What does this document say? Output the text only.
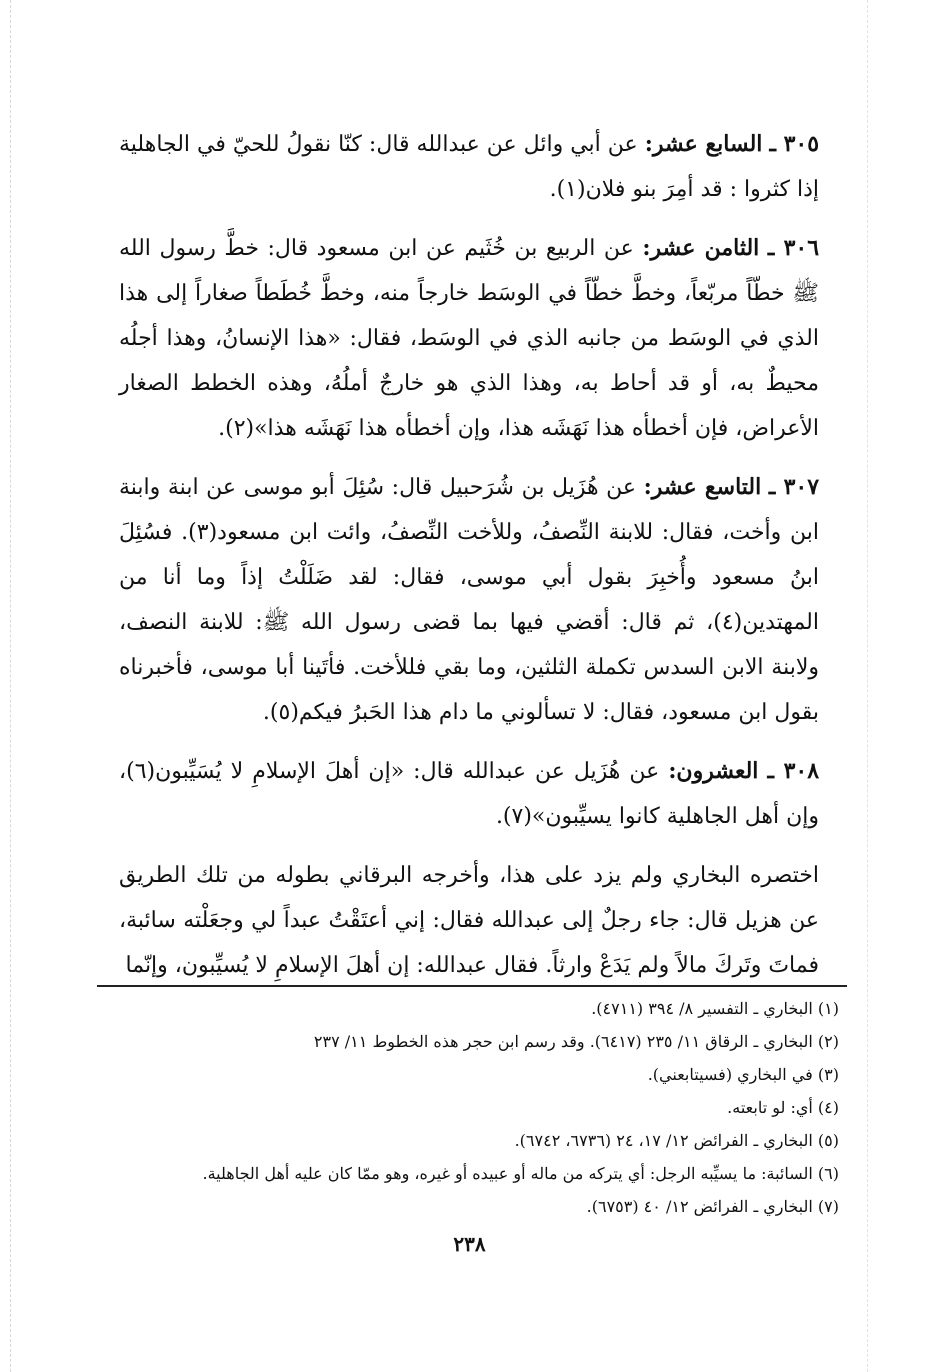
٣٠٥ ـ السابع عشر: عن أبي وائل عن عبدالله قال: كنّا نقولُ للحيّ في الجاهلية إذا كثروا : قد أمِرَ بنو فلان(١).

٣٠٦ ـ الثامن عشر: عن الربيع بن خُثَيم عن ابن مسعود قال: خطَّ رسول الله ﷺ خطّاً مربّعاً، وخطَّ خطّاً في الوسَط خارجاً منه، وخطَّ خُطَطاً صغاراً إلى هذا الذي في الوسَط من جانبه الذي في الوسَط، فقال: «هذا الإنسانُ، وهذا أجلُه محيطٌ به، أو قد أحاط به، وهذا الذي هو خارجٌ أملُهُ، وهذه الخطط الصغار الأعراض، فإن أخطأه هذا نَهَشَه هذا، وإن أخطأه هذا نَهَشَه هذا»(٢).

٣٠٧ ـ التاسع عشر: عن هُزَيل بن شُرَحبيل قال: سُئِلَ أبو موسى عن ابنة وابنة ابن وأخت، فقال: للابنة النِّصفُ، وللأخت النِّصفُ، وائت ابن مسعود(٣). فسُئِلَ ابنُ مسعود وأُخبِرَ بقول أبي موسى، فقال: لقد ضَلَلْتُ إذاً وما أنا من المهتدين(٤)، ثم قال: أقضي فيها بما قضى رسول الله ﷺ: للابنة النصف، ولابنة الابن السدس تكملة الثلثين، وما بقي فللأخت. فأتَينا أبا موسى، فأخبرناه بقول ابن مسعود، فقال: لا تسألوني ما دام هذا الحَبرُ فيكم(٥).

٣٠٨ ـ العشرون: عن هُزَيل عن عبدالله قال: «إن أهلَ الإسلامِ لا يُسَيِّبون(٦)، وإن أهل الجاهلية كانوا يسيِّبون»(٧).

اختصره البخاري ولم يزد على هذا، وأخرجه البرقاني بطوله من تلك الطريق عن هزيل قال: جاء رجلٌ إلى عبدالله فقال: إني أعتَقْتُ عبداً لي وجعَلْته سائبة، فماتَ وتَركَ مالاً ولم يَدَعْ وارثاً. فقال عبدالله: إن أهلَ الإسلامِ لا يُسيِّبون، وإنّما

(١) البخاري ـ التفسير ٨/ ٣٩٤ (٤٧١١).
(٢) البخاري ـ الرقاق ١١/ ٢٣٥ (٦٤١٧). وقد رسم ابن حجر هذه الخطوط ١١/ ٢٣٧
(٣) في البخاري (فسيتابعني).
(٤) أي: لو تابعته.
(٥) البخاري ـ الفرائض ١٢/ ١٧، ٢٤ (٦٧٣٦، ٦٧٤٢).
(٦) السائبة: ما يسيِّبه الرجل: أي يتركه من ماله أو عبيده أو غيره، وهو ممّا كان عليه أهل الجاهلية.
(٧) البخاري ـ الفرائض ١٢/ ٤٠ (٦٧٥٣).
٢٣٨
